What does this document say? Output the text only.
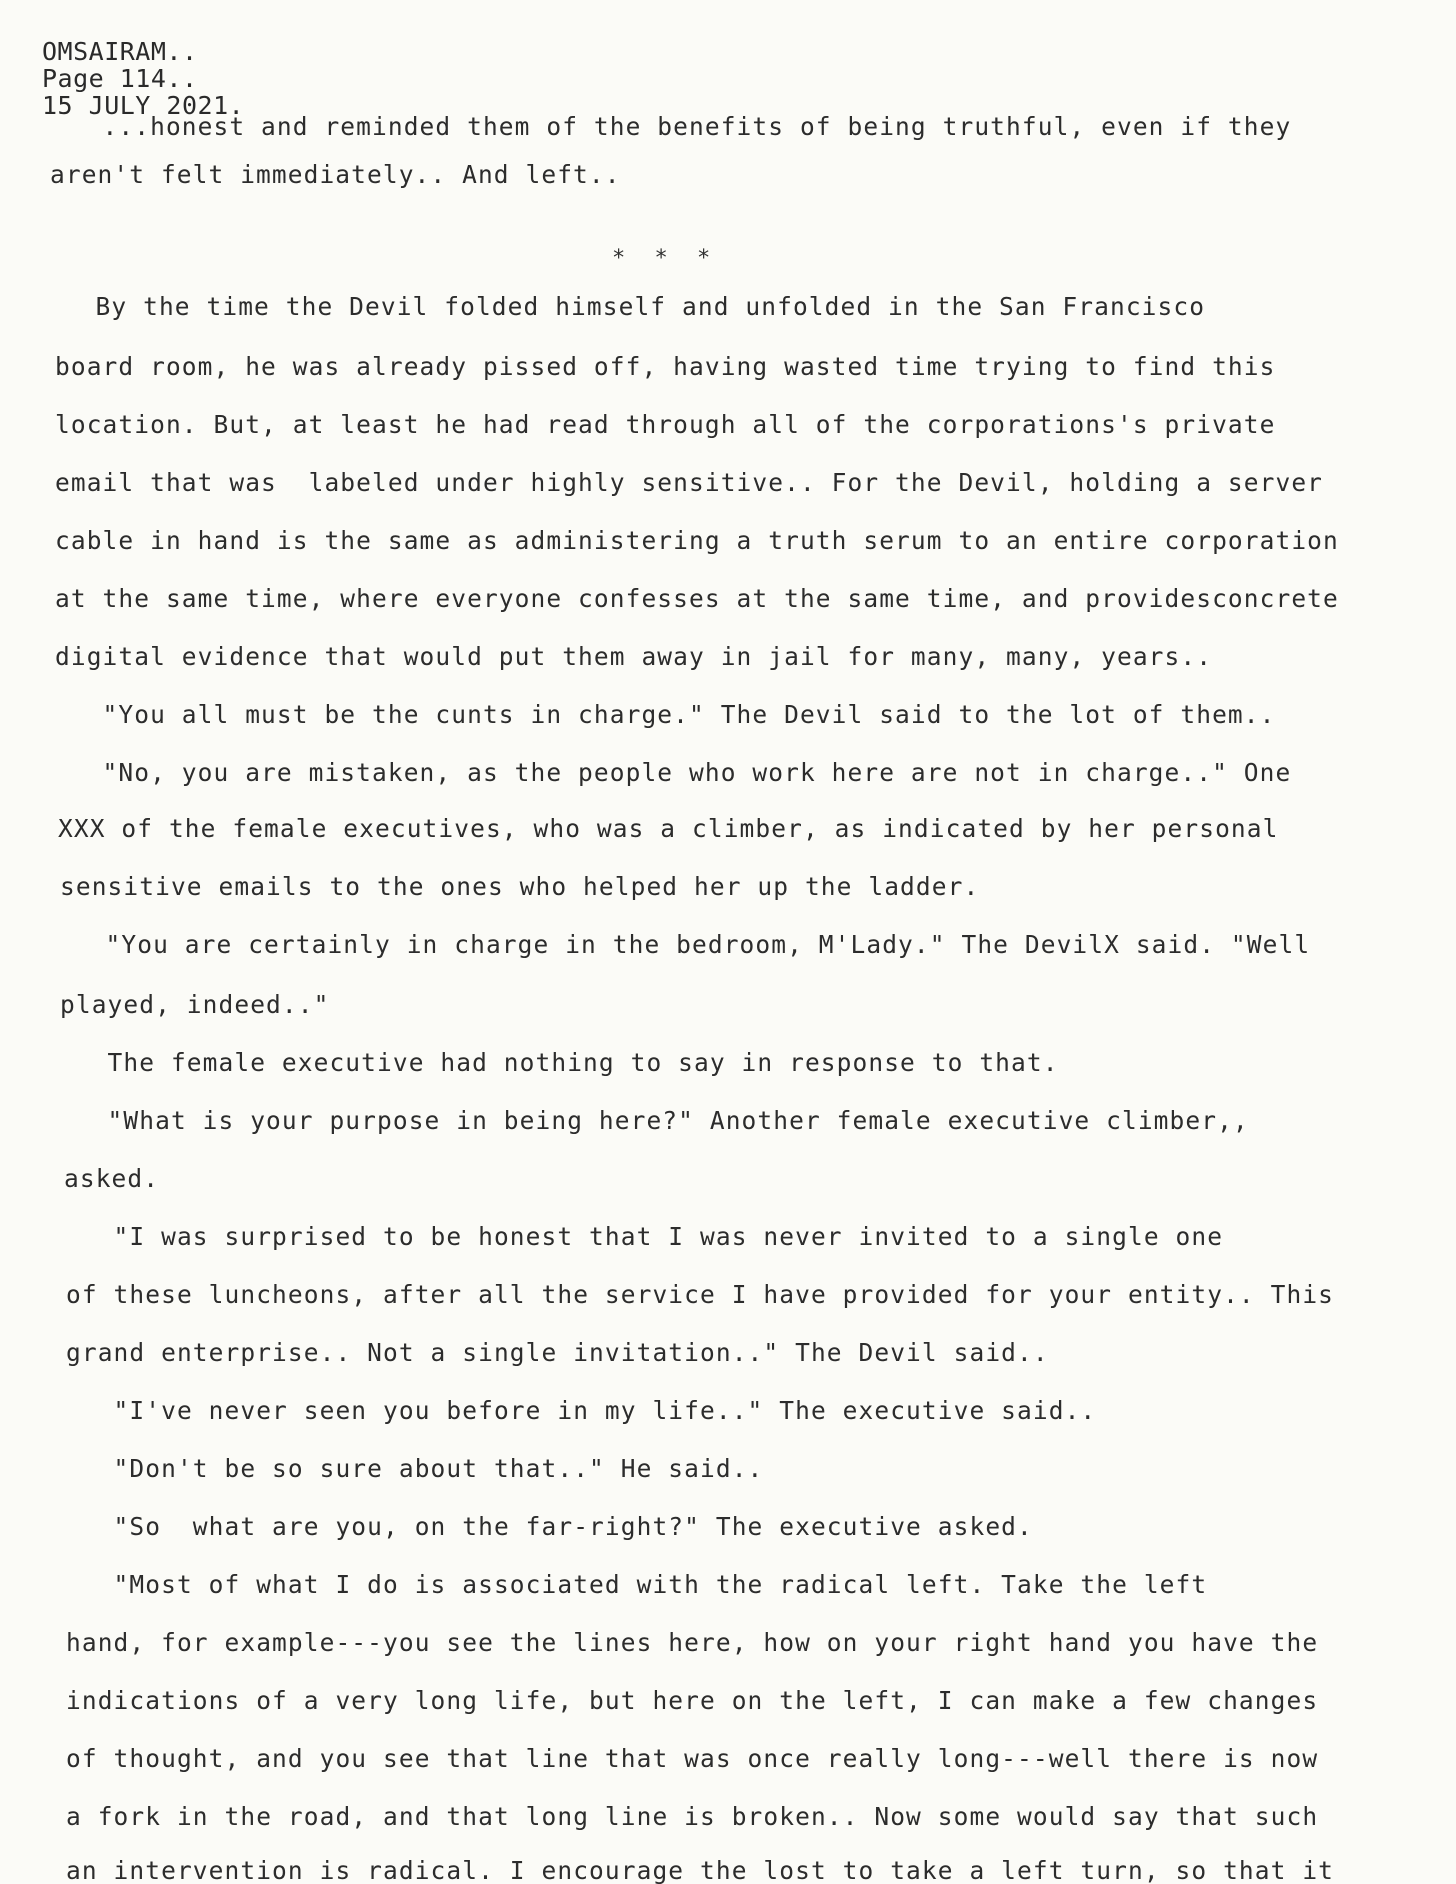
OMSAIRAM..
Page 114..
15 JULY 2021.
* * *
...honest and reminded them of the benefits of being truthful, even if they
aren't felt immediately.. And left..
By the time the Devil folded himself and unfolded in the San Francisco
board room, he was already pissed off, having wasted time trying to find this
location. But, at least he had read through all of the corporations's private
email that was  labeled under highly sensitive.. For the Devil, holding a server
cable in hand is the same as administering a truth serum to an entire corporation
at the same time, where everyone confesses at the same time, and providesconcrete
digital evidence that would put them away in jail for many, many, years..
"You all must be the cunts in charge." The Devil said to the lot of them..
"No, you are mistaken, as the people who work here are not in charge.." One
XXX of the female executives, who was a climber, as indicated by her personal
sensitive emails to the ones who helped her up the ladder.
"You are certainly in charge in the bedroom, M'Lady." The DevilX said. "Well
played, indeed.."
The female executive had nothing to say in response to that.
"What is your purpose in being here?" Another female executive climber,,
asked.
"I was surprised to be honest that I was never invited to a single one
of these luncheons, after all the service I have provided for your entity.. This
grand enterprise.. Not a single invitation.." The Devil said..
"I've never seen you before in my life.." The executive said..
"Don't be so sure about that.." He said..
"So  what are you, on the far-right?" The executive asked.
"Most of what I do is associated with the radical left. Take the left
hand, for example---you see the lines here, how on your right hand you have the
indications of a very long life, but here on the left, I can make a few changes
of thought, and you see that line that was once really long---well there is now
a fork in the road, and that long line is broken.. Now some would say that such
an intervention is radical. I encourage the lost to take a left turn, so that it
